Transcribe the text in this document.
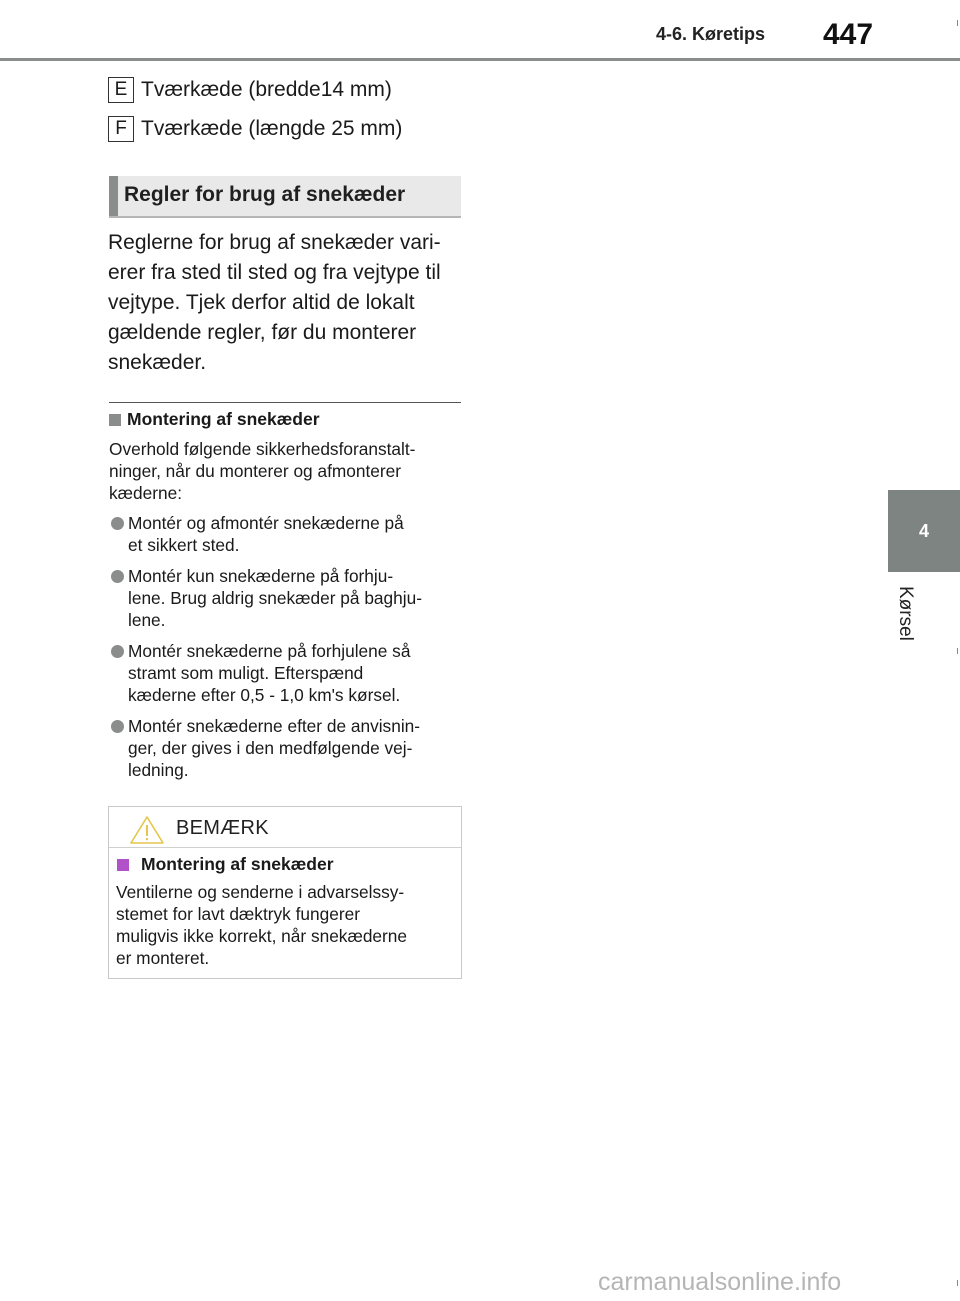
4-6. Køretips 447
4
Kørsel
E Tværkæde (bredde14 mm)
F Tværkæde (længde 25 mm)
Regler for brug af snekæder

Reglerne for brug af snekæder vari-

erer fra sted til sted og fra vejtype til

vejtype. Tjek derfor altid de lokalt

gældende regler, før du monterer

snekæder.

Montering af snekæder
Overhold følgende sikkerhedsforanstalt-
ninger, når du monterer og afmonterer
kæderne:
Montér og afmontér snekæderne på
et sikkert sted.
Montér kun snekæderne på forhju-
lene. Brug aldrig snekæder på baghju-
lene.
Montér snekæderne på forhjulene så
stramt som muligt. Efterspænd
kæderne efter 0,5 - 1,0 km's kørsel.
Montér snekæderne efter de anvisnin-
ger, der gives i den medfølgende vej-
ledning.
BEMÆRK
Montering af snekæder
Ventilerne og senderne i advarselssy-
stemet for lavt dæktryk fungerer
muligvis ikke korrekt, når snekæderne
er monteret.
carmanualsonline.info
